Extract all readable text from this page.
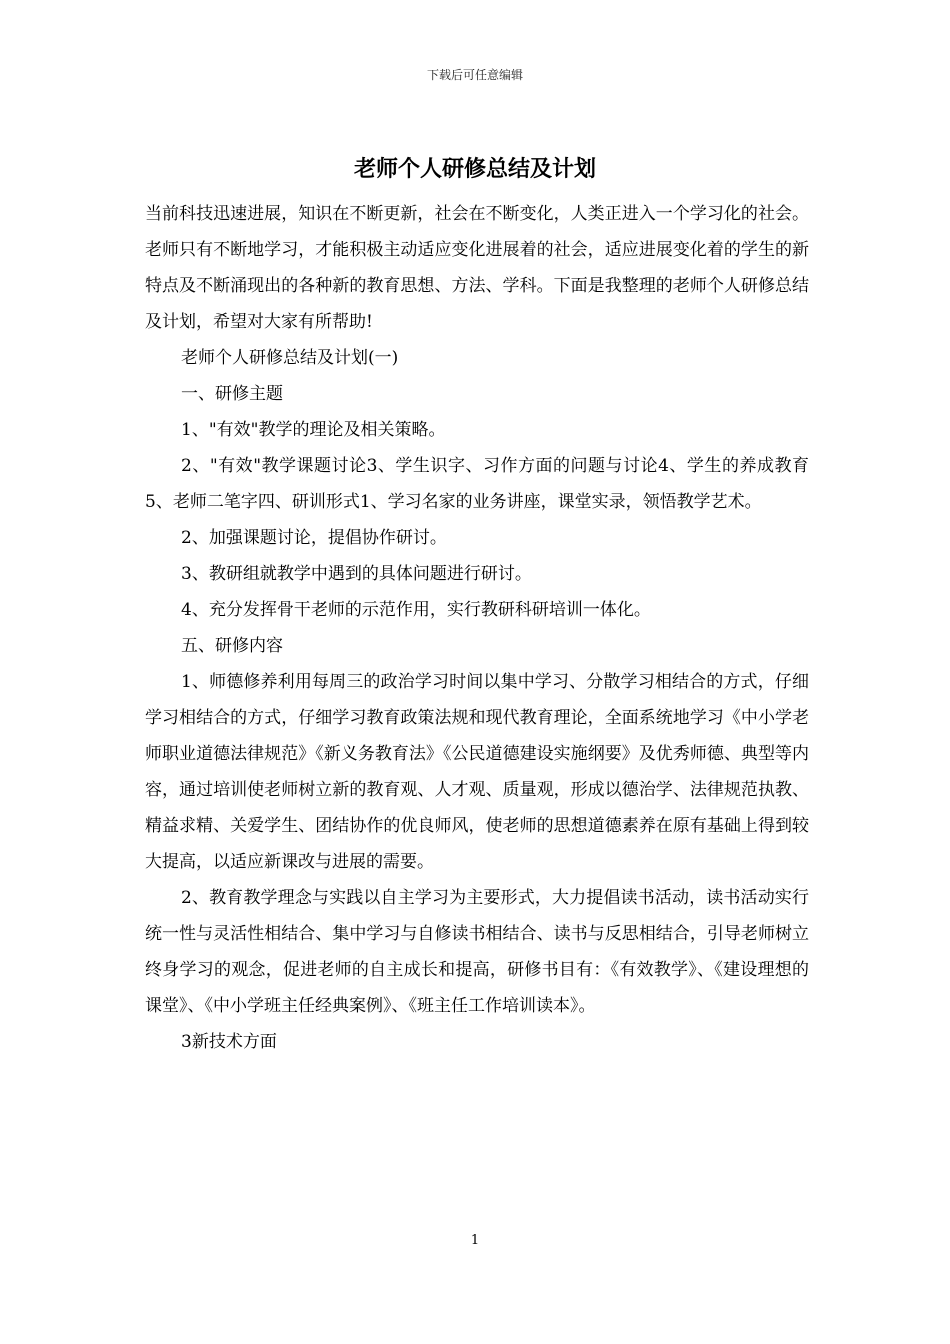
下载后可任意编辑
老师个人研修总结及计划

当前科技迅速进展，知识在不断更新，社会在不断变化，人类正进入一个学习化的社会。老师只有不断地学习，才能积极主动适应变化进展着的社会，适应进展变化着的学生的新特点及不断涌现出的各种新的教育思想、方法、学科。下面是我整理的老师个人研修总结及计划，希望对大家有所帮助!

老师个人研修总结及计划(一)

一、研修主题

1、"有效"教学的理论及相关策略。

2、"有效"教学课题讨论3、学生识字、习作方面的问题与讨论4、学生的养成教育5、老师二笔字四、研训形式1、学习名家的业务讲座，课堂实录，领悟教学艺术。

2、加强课题讨论，提倡协作研讨。

3、教研组就教学中遇到的具体问题进行研讨。

4、充分发挥骨干老师的示范作用，实行教研科研培训一体化。

五、研修内容

1、师德修养利用每周三的政治学习时间以集中学习、分散学习相结合的方式，仔细学习相结合的方式，仔细学习教育政策法规和现代教育理论，全面系统地学习《中小学老师职业道德法律规范》《新义务教育法》《公民道德建设实施纲要》及优秀师德、典型等内容，通过培训使老师树立新的教育观、人才观、质量观，形成以德治学、法律规范执教、精益求精、关爱学生、团结协作的优良师风，使老师的思想道德素养在原有基础上得到较大提高，以适应新课改与进展的需要。

2、教育教学理念与实践以自主学习为主要形式，大力提倡读书活动，读书活动实行统一性与灵活性相结合、集中学习与自修读书相结合、读书与反思相结合，引导老师树立终身学习的观念，促进老师的自主成长和提高，研修书目有：《有效教学》、《建设理想的课堂》、《中小学班主任经典案例》、《班主任工作培训读本》。

3新技术方面

1
